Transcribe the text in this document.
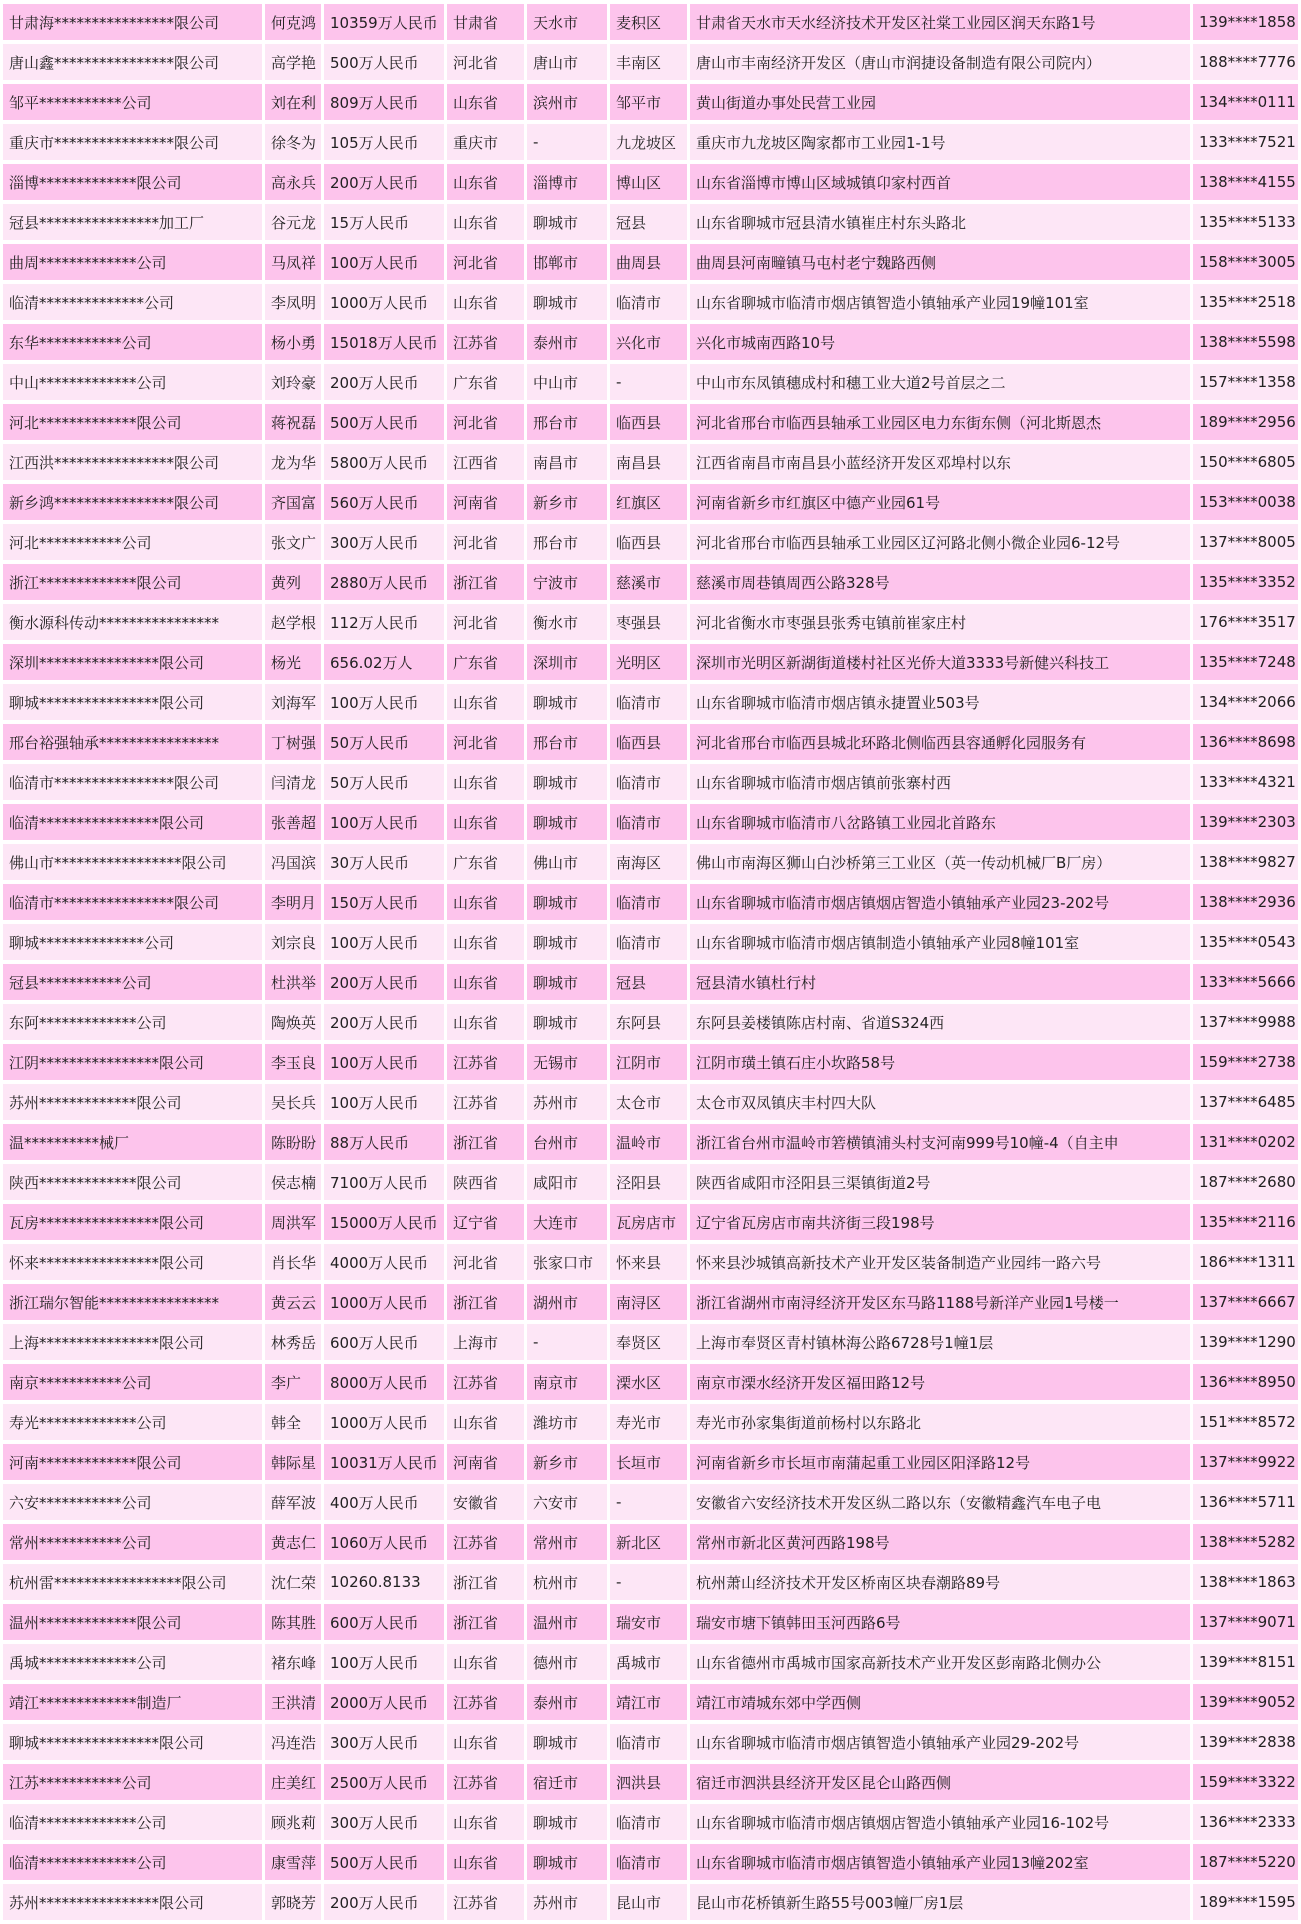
甘肃海****************限公司	何克鸿	10359万人民币	甘肃省	天水市	麦积区	甘肃省天水市天水经济技术开发区社棠工业园区润天东路1号	139****1858
唐山鑫****************限公司	高学艳	500万人民币	河北省	唐山市	丰南区	唐山市丰南经济开发区（唐山市润捷设备制造有限公司院内）	188****7776
邹平***********公司	刘在利	809万人民币	山东省	滨州市	邹平市	黄山街道办事处民营工业园	134****0111
重庆市****************限公司	徐冬为	105万人民币	重庆市	-	九龙坡区	重庆市九龙坡区陶家都市工业园1-1号	133****7521
淄博*************限公司	高永兵	200万人民币	山东省	淄博市	博山区	山东省淄博市博山区域城镇卬家村西首	138****4155
冠县****************加工厂	谷元龙	15万人民币	山东省	聊城市	冠县	山东省聊城市冠县清水镇崔庄村东头路北	135****5133
曲周*************公司	马凤祥	100万人民币	河北省	邯郸市	曲周县	曲周县河南疃镇马屯村老宁魏路西侧	158****3005
临清**************公司	李凤明	1000万人民币	山东省	聊城市	临清市	山东省聊城市临清市烟店镇智造小镇轴承产业园19幢101室	135****2518
东华***********公司	杨小勇	15018万人民币	江苏省	泰州市	兴化市	兴化市城南西路10号	138****5598
中山*************公司	刘玲豪	200万人民币	广东省	中山市	-	中山市东凤镇穗成村和穗工业大道2号首层之二	157****1358
河北*************限公司	蒋祝磊	500万人民币	河北省	邢台市	临西县	河北省邢台市临西县轴承工业园区电力东街东侧（河北斯恩杰	189****2956
江西洪****************限公司	龙为华	5800万人民币	江西省	南昌市	南昌县	江西省南昌市南昌县小蓝经济开发区邓埠村以东	150****6805
新乡鸿****************限公司	齐国富	560万人民币	河南省	新乡市	红旗区	河南省新乡市红旗区中德产业园61号	153****0038
河北***********公司	张文广	300万人民币	河北省	邢台市	临西县	河北省邢台市临西县轴承工业园区辽河路北侧小微企业园6-12号	137****8005
浙江*************限公司	黄列	2880万人民币	浙江省	宁波市	慈溪市	慈溪市周巷镇周西公路328号	135****3352
衡水源科传动****************	赵学根	112万人民币	河北省	衡水市	枣强县	河北省衡水市枣强县张秀屯镇前崔家庄村	176****3517
深圳****************限公司	杨光	656.02万人	广东省	深圳市	光明区	深圳市光明区新湖街道楼村社区光侨大道3333号新健兴科技工	135****7248
聊城****************限公司	刘海军	100万人民币	山东省	聊城市	临清市	山东省聊城市临清市烟店镇永捷置业503号	134****2066
邢台裕强轴承****************	丁树强	50万人民币	河北省	邢台市	临西县	河北省邢台市临西县城北环路北侧临西县容通孵化园服务有	136****8698
临清市****************限公司	闫清龙	50万人民币	山东省	聊城市	临清市	山东省聊城市临清市烟店镇前张寨村西	133****4321
临清****************限公司	张善超	100万人民币	山东省	聊城市	临清市	山东省聊城市临清市八岔路镇工业园北首路东	139****2303
佛山市*****************限公司	冯国滨	30万人民币	广东省	佛山市	南海区	佛山市南海区狮山白沙桥第三工业区（英一传动机械厂B厂房）	138****9827
临清市****************限公司	李明月	150万人民币	山东省	聊城市	临清市	山东省聊城市临清市烟店镇烟店智造小镇轴承产业园23-202号	138****2936
聊城**************公司	刘宗良	100万人民币	山东省	聊城市	临清市	山东省聊城市临清市烟店镇制造小镇轴承产业园8幢101室	135****0543
冠县***********公司	杜洪举	200万人民币	山东省	聊城市	冠县	冠县清水镇杜行村	133****5666
东阿*************公司	陶焕英	200万人民币	山东省	聊城市	东阿县	东阿县姜楼镇陈店村南、省道S324西	137****9988
江阴****************限公司	李玉良	100万人民币	江苏省	无锡市	江阴市	江阴市璜土镇石庄小坎路58号	159****2738
苏州*************限公司	吴长兵	100万人民币	江苏省	苏州市	太仓市	太仓市双凤镇庆丰村四大队	137****6485
温**********械厂	陈盼盼	88万人民币	浙江省	台州市	温岭市	浙江省台州市温岭市箬横镇浦头村支河南999号10幢-4（自主申	131****0202
陕西*************限公司	侯志楠	7100万人民币	陕西省	咸阳市	泾阳县	陕西省咸阳市泾阳县三渠镇街道2号	187****2680
瓦房****************限公司	周洪军	15000万人民币	辽宁省	大连市	瓦房店市	辽宁省瓦房店市南共济街三段198号	135****2116
怀来****************限公司	肖长华	4000万人民币	河北省	张家口市	怀来县	怀来县沙城镇高新技术产业开发区装备制造产业园纬一路六号	186****1311
浙江瑞尔智能****************	黄云云	1000万人民币	浙江省	湖州市	南浔区	浙江省湖州市南浔经济开发区东马路1188号新洋产业园1号楼一	137****6667
上海****************限公司	林秀岳	600万人民币	上海市	-	奉贤区	上海市奉贤区青村镇林海公路6728号1幢1层	139****1290
南京***********公司	李广	8000万人民币	江苏省	南京市	溧水区	南京市溧水经济开发区福田路12号	136****8950
寿光*************公司	韩全	1000万人民币	山东省	潍坊市	寿光市	寿光市孙家集街道前杨村以东路北	151****8572
河南*************限公司	韩际星	10031万人民币	河南省	新乡市	长垣市	河南省新乡市长垣市南蒲起重工业园区阳泽路12号	137****9922
六安***********公司	薛军波	400万人民币	安徽省	六安市	-	安徽省六安经济技术开发区纵二路以东（安徽精鑫汽车电子电	136****5711
常州***********公司	黄志仁	1060万人民币	江苏省	常州市	新北区	常州市新北区黄河西路198号	138****5282
杭州雷*****************限公司	沈仁荣	10260.8133	浙江省	杭州市	-	杭州萧山经济技术开发区桥南区块春潮路89号	138****1863
温州*************限公司	陈其胜	600万人民币	浙江省	温州市	瑞安市	瑞安市塘下镇韩田玉河西路6号	137****9071
禹城*************公司	褚东峰	100万人民币	山东省	德州市	禹城市	山东省德州市禹城市国家高新技术产业开发区彭南路北侧办公	139****8151
靖江*************制造厂	王洪清	2000万人民币	江苏省	泰州市	靖江市	靖江市靖城东郊中学西侧	139****9052
聊城****************限公司	冯连浩	300万人民币	山东省	聊城市	临清市	山东省聊城市临清市烟店镇智造小镇轴承产业园29-202号	139****2838
江苏***********公司	庄美红	2500万人民币	江苏省	宿迁市	泗洪县	宿迁市泗洪县经济开发区昆仑山路西侧	159****3322
临清*************公司	顾兆莉	300万人民币	山东省	聊城市	临清市	山东省聊城市临清市烟店镇烟店智造小镇轴承产业园16-102号	136****2333
临清*************公司	康雪萍	500万人民币	山东省	聊城市	临清市	山东省聊城市临清市烟店镇智造小镇轴承产业园13幢202室	187****5220
苏州****************限公司	郭晓芳	200万人民币	江苏省	苏州市	昆山市	昆山市花桥镇新生路55号003幢厂房1层	189****1595
